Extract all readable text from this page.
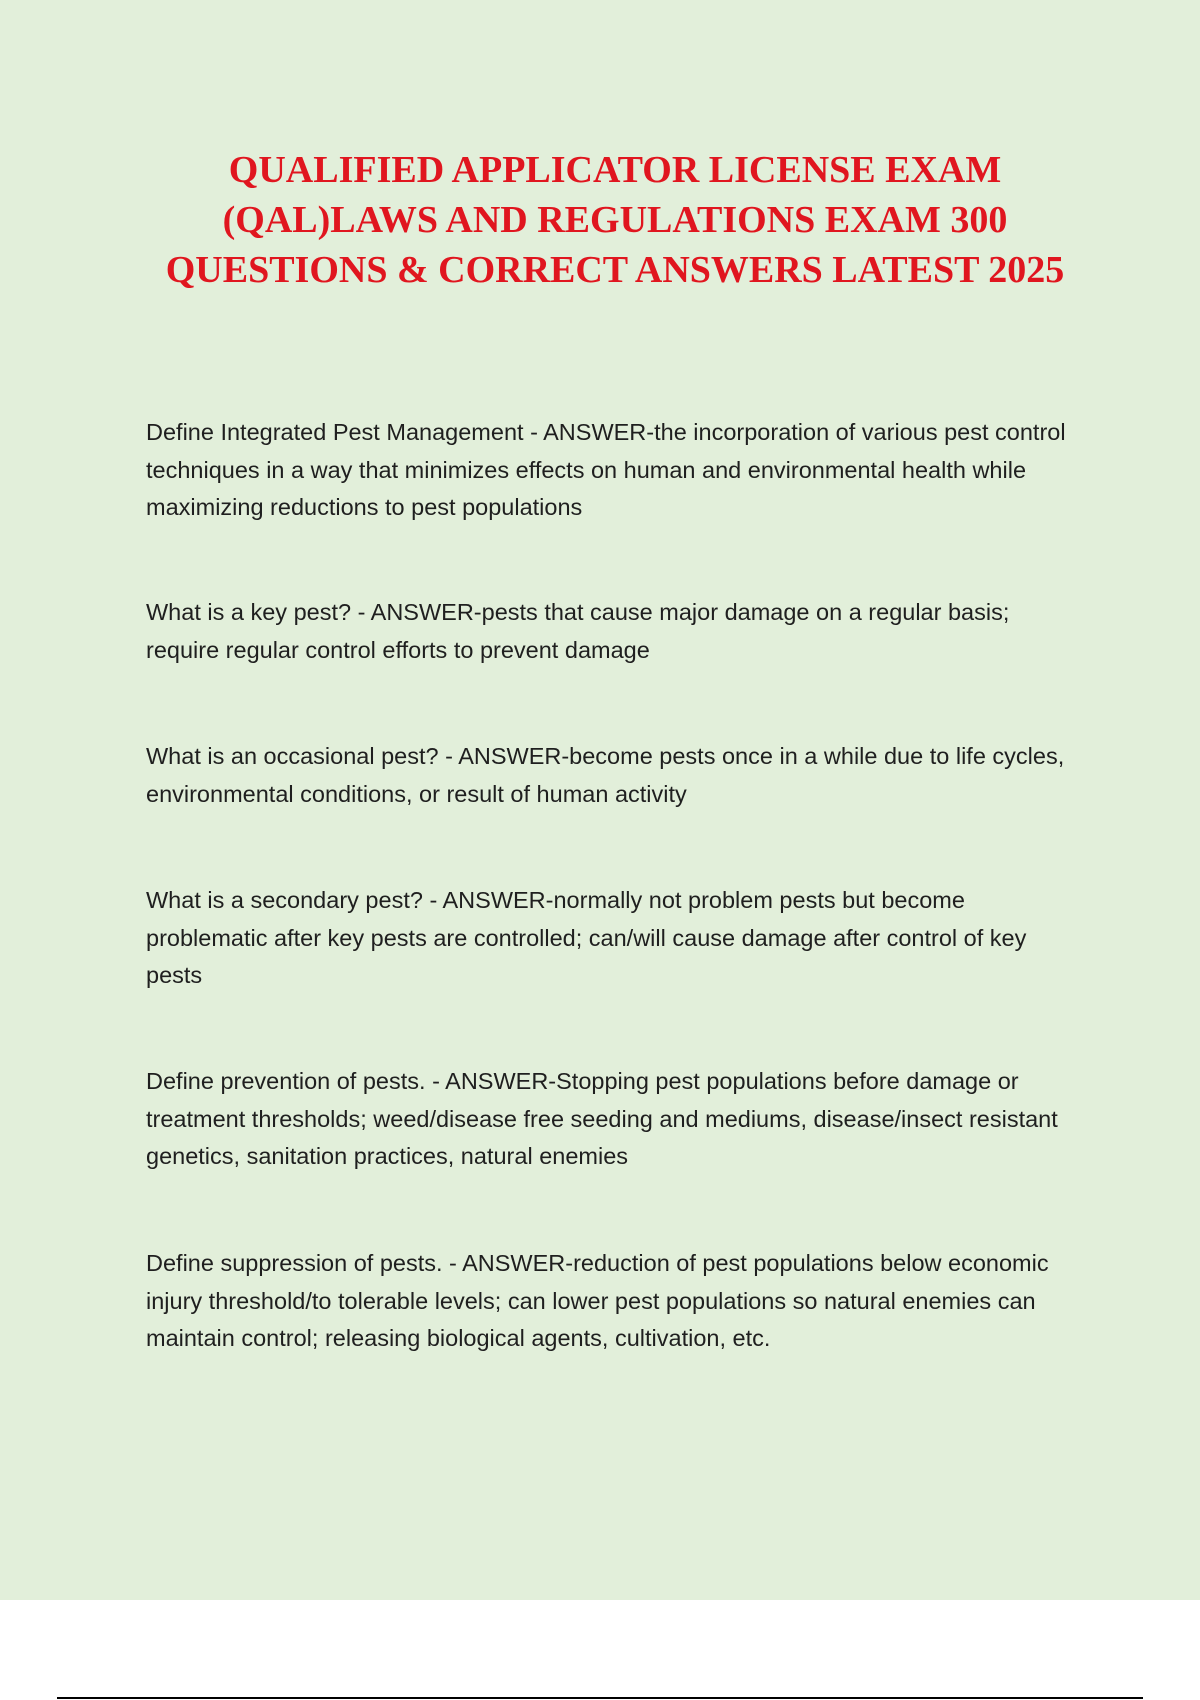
QUALIFIED APPLICATOR LICENSE EXAM (QAL)LAWS AND REGULATIONS EXAM 300 QUESTIONS & CORRECT ANSWERS LATEST 2025

Define Integrated Pest Management - ANSWER-the incorporation of various pest control techniques in a way that minimizes effects on human and environmental health while maximizing reductions to pest populations

What is a key pest? - ANSWER-pests that cause major damage on a regular basis; require regular control efforts to prevent damage

What is an occasional pest? - ANSWER-become pests once in a while due to life cycles, environmental conditions, or result of human activity

What is a secondary pest? - ANSWER-normally not problem pests but become problematic after key pests are controlled; can/will cause damage after control of key pests

Define prevention of pests. - ANSWER-Stopping pest populations before damage or treatment thresholds; weed/disease free seeding and mediums, disease/insect resistant genetics, sanitation practices, natural enemies

Define suppression of pests. - ANSWER-reduction of pest populations below economic injury threshold/to tolerable levels; can lower pest populations so natural enemies can maintain control; releasing biological agents, cultivation, etc.
